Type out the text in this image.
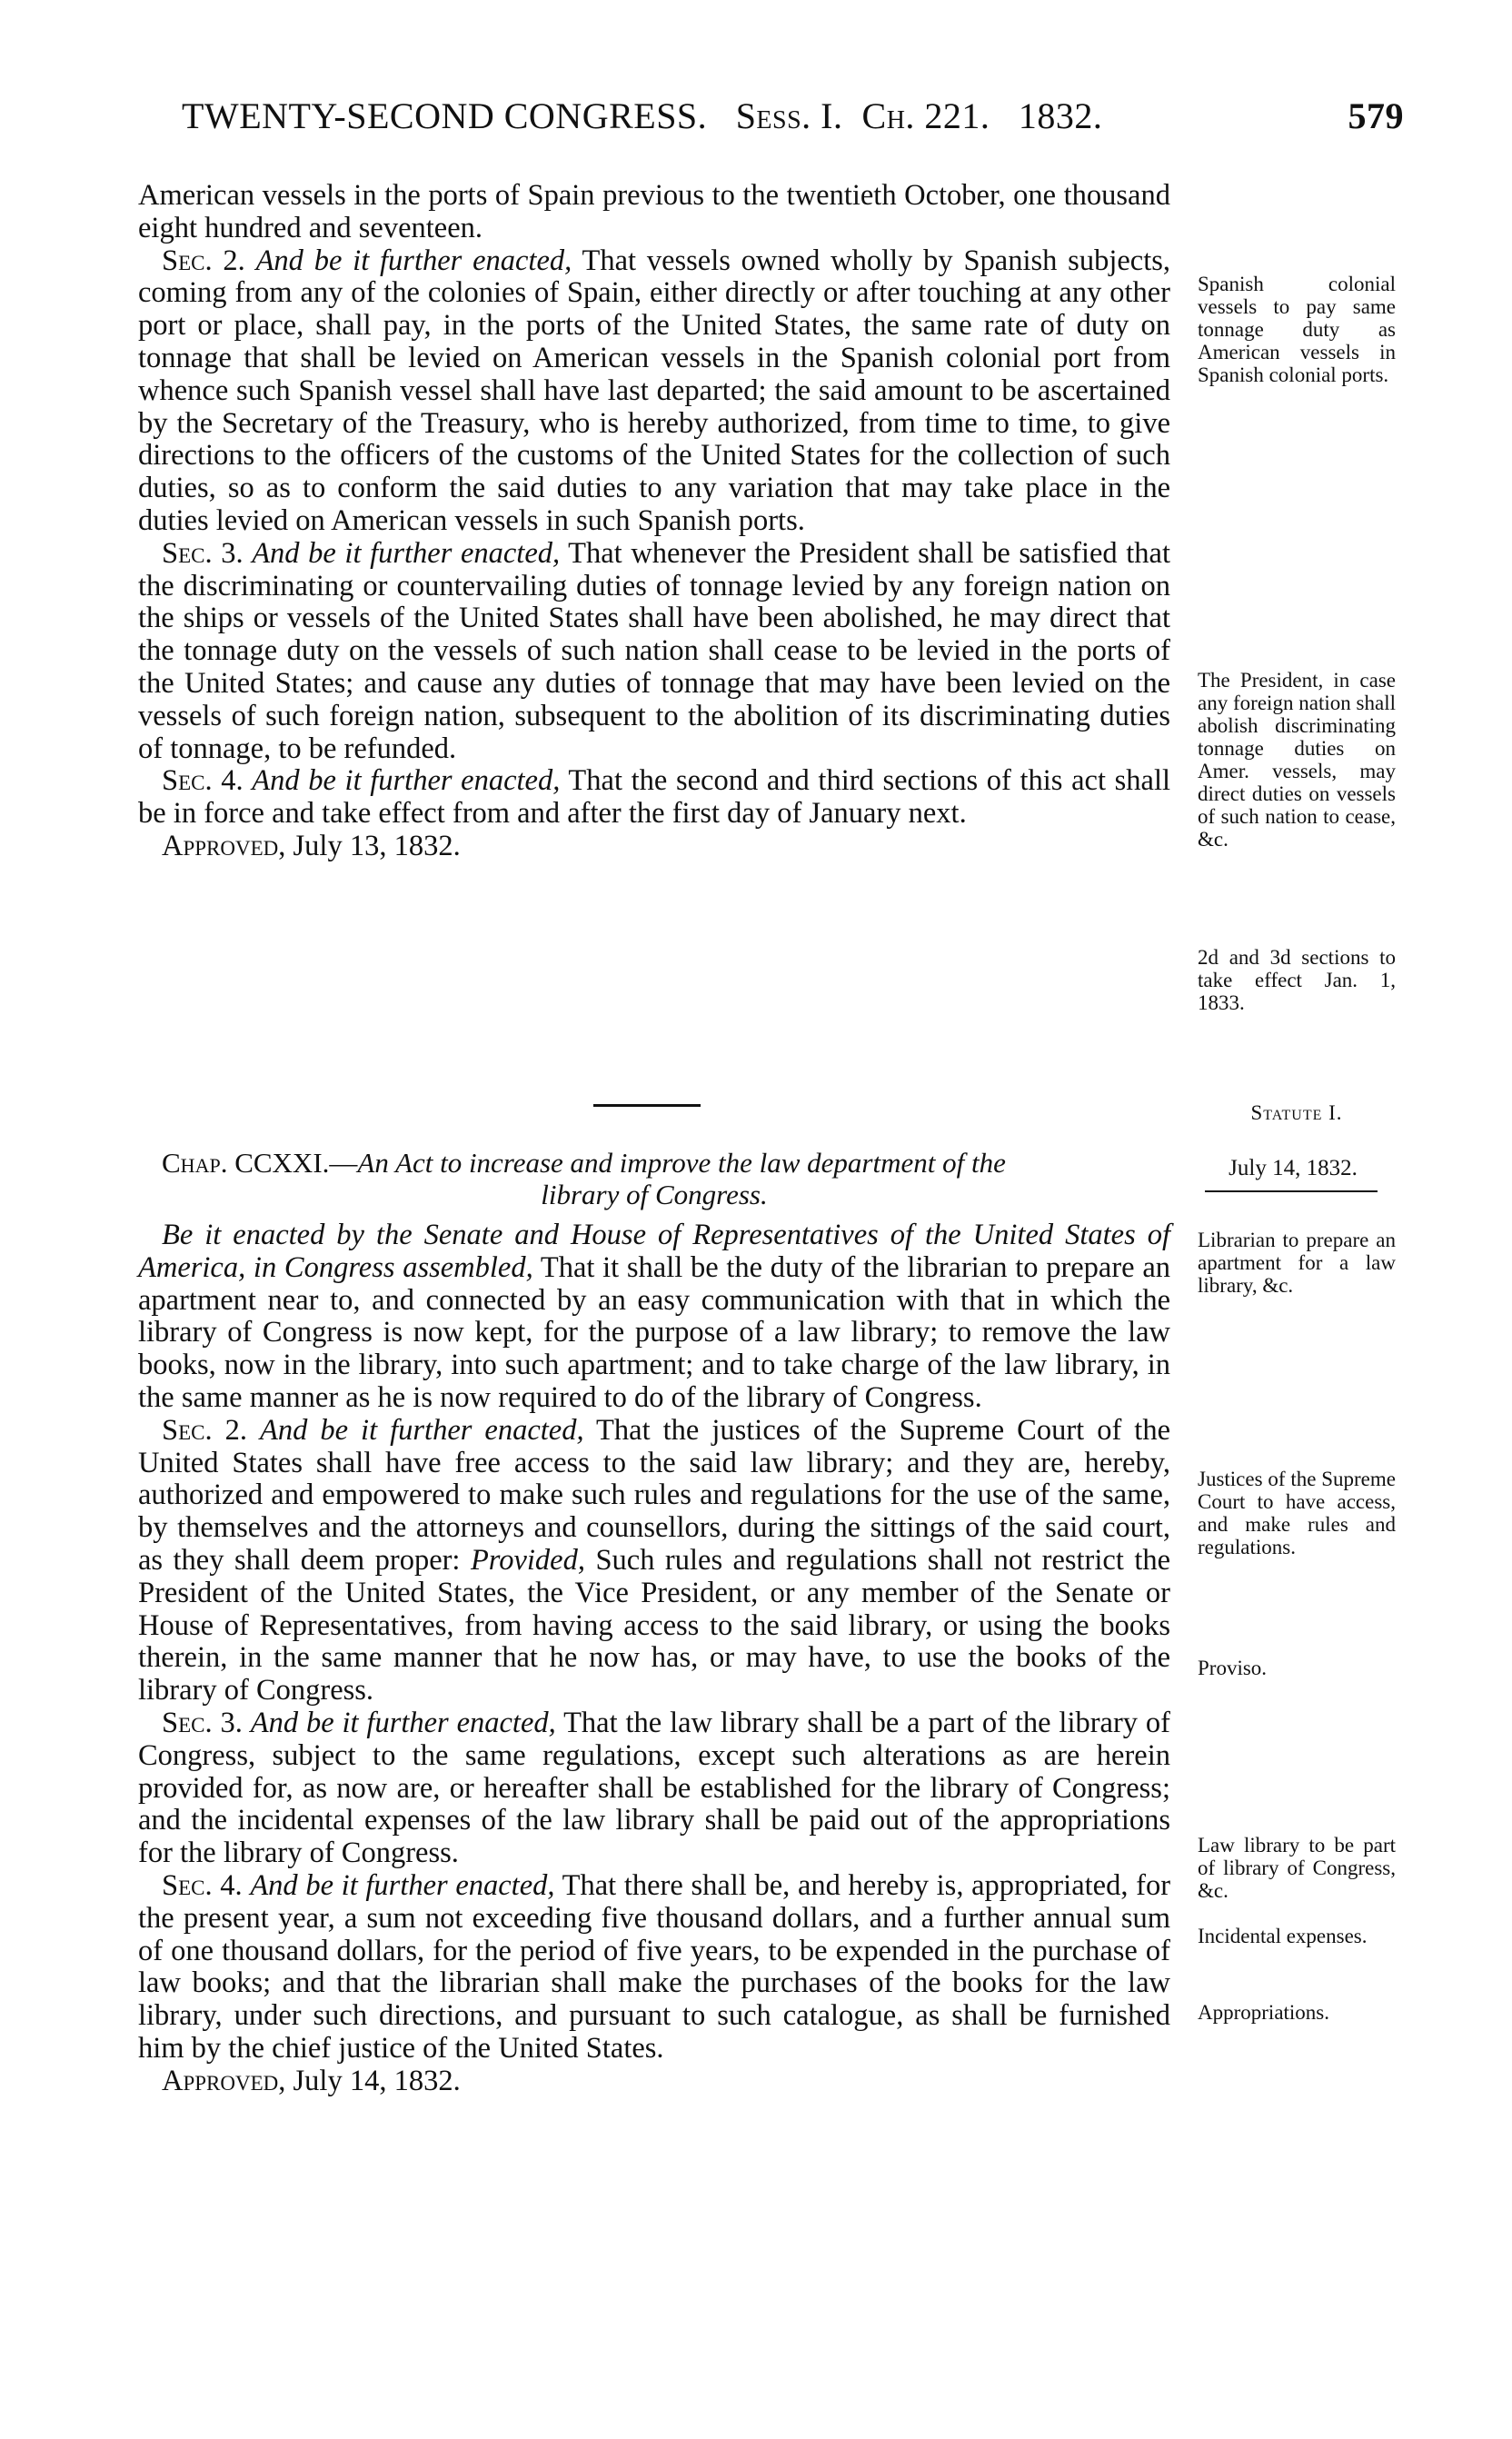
TWENTY-SECOND CONGRESS. Sess. I. Ch. 221. 1832.	579

American vessels in the ports of Spain previous to the twentieth October, one thousand eight hundred and seventeen.

Sec. 2. And be it further enacted, That vessels owned wholly by Spanish subjects, coming from any of the colonies of Spain, either directly or after touching at any other port or place, shall pay, in the ports of the United States, the same rate of duty on tonnage that shall be levied on American vessels in the Spanish colonial port from whence such Spanish vessel shall have last departed; the said amount to be ascertained by the Secretary of the Treasury, who is hereby authorized, from time to time, to give directions to the officers of the customs of the United States for the collection of such duties, so as to conform the said duties to any variation that may take place in the duties levied on American vessels in such Spanish ports.

Sec. 3. And be it further enacted, That whenever the President shall be satisfied that the discriminating or countervailing duties of tonnage levied by any foreign nation on the ships or vessels of the United States shall have been abolished, he may direct that the tonnage duty on the vessels of such nation shall cease to be levied in the ports of the United States; and cause any duties of tonnage that may have been levied on the vessels of such foreign nation, subsequent to the abolition of its discriminating duties of tonnage, to be refunded.

Sec. 4. And be it further enacted, That the second and third sections of this act shall be in force and take effect from and after the first day of January next.

Approved, July 13, 1832.

Spanish colonial vessels to pay same tonnage duty as American vessels in Spanish colonial ports.
The President, in case any foreign nation shall abolish discriminating tonnage duties on Amer. vessels, may direct duties on vessels of such nation to cease, &c.
2d and 3d sections to take effect Jan. 1, 1833.
Statute I.
July 14, 1832.
Chap. CCXXI.—An Act to increase and improve the law department of the
library of Congress.

Be it enacted by the Senate and House of Representatives of the United States of America, in Congress assembled, That it shall be the duty of the librarian to prepare an apartment near to, and connected by an easy communication with that in which the library of Congress is now kept, for the purpose of a law library; to remove the law books, now in the library, into such apartment; and to take charge of the law library, in the same manner as he is now required to do of the library of Congress.

Sec. 2. And be it further enacted, That the justices of the Supreme Court of the United States shall have free access to the said law library; and they are, hereby, authorized and empowered to make such rules and regulations for the use of the same, by themselves and the attorneys and counsellors, during the sittings of the said court, as they shall deem proper: Provided, Such rules and regulations shall not restrict the President of the United States, the Vice President, or any member of the Senate or House of Representatives, from having access to the said library, or using the books therein, in the same manner that he now has, or may have, to use the books of the library of Congress.

Sec. 3. And be it further enacted, That the law library shall be a part of the library of Congress, subject to the same regulations, except such alterations as are herein provided for, as now are, or hereafter shall be established for the library of Congress; and the incidental expenses of the law library shall be paid out of the appropriations for the library of Congress.

Sec. 4. And be it further enacted, That there shall be, and hereby is, appropriated, for the present year, a sum not exceeding five thousand dollars, and a further annual sum of one thousand dollars, for the period of five years, to be expended in the purchase of law books; and that the librarian shall make the purchases of the books for the law library, under such directions, and pursuant to such catalogue, as shall be furnished him by the chief justice of the United States.

Approved, July 14, 1832.

Librarian to prepare an apartment for a law library, &c.
Justices of the Supreme Court to have access, and make rules and regulations.
Proviso.
Law library to be part of library of Congress, &c.
Incidental expenses.
Appropriations.
